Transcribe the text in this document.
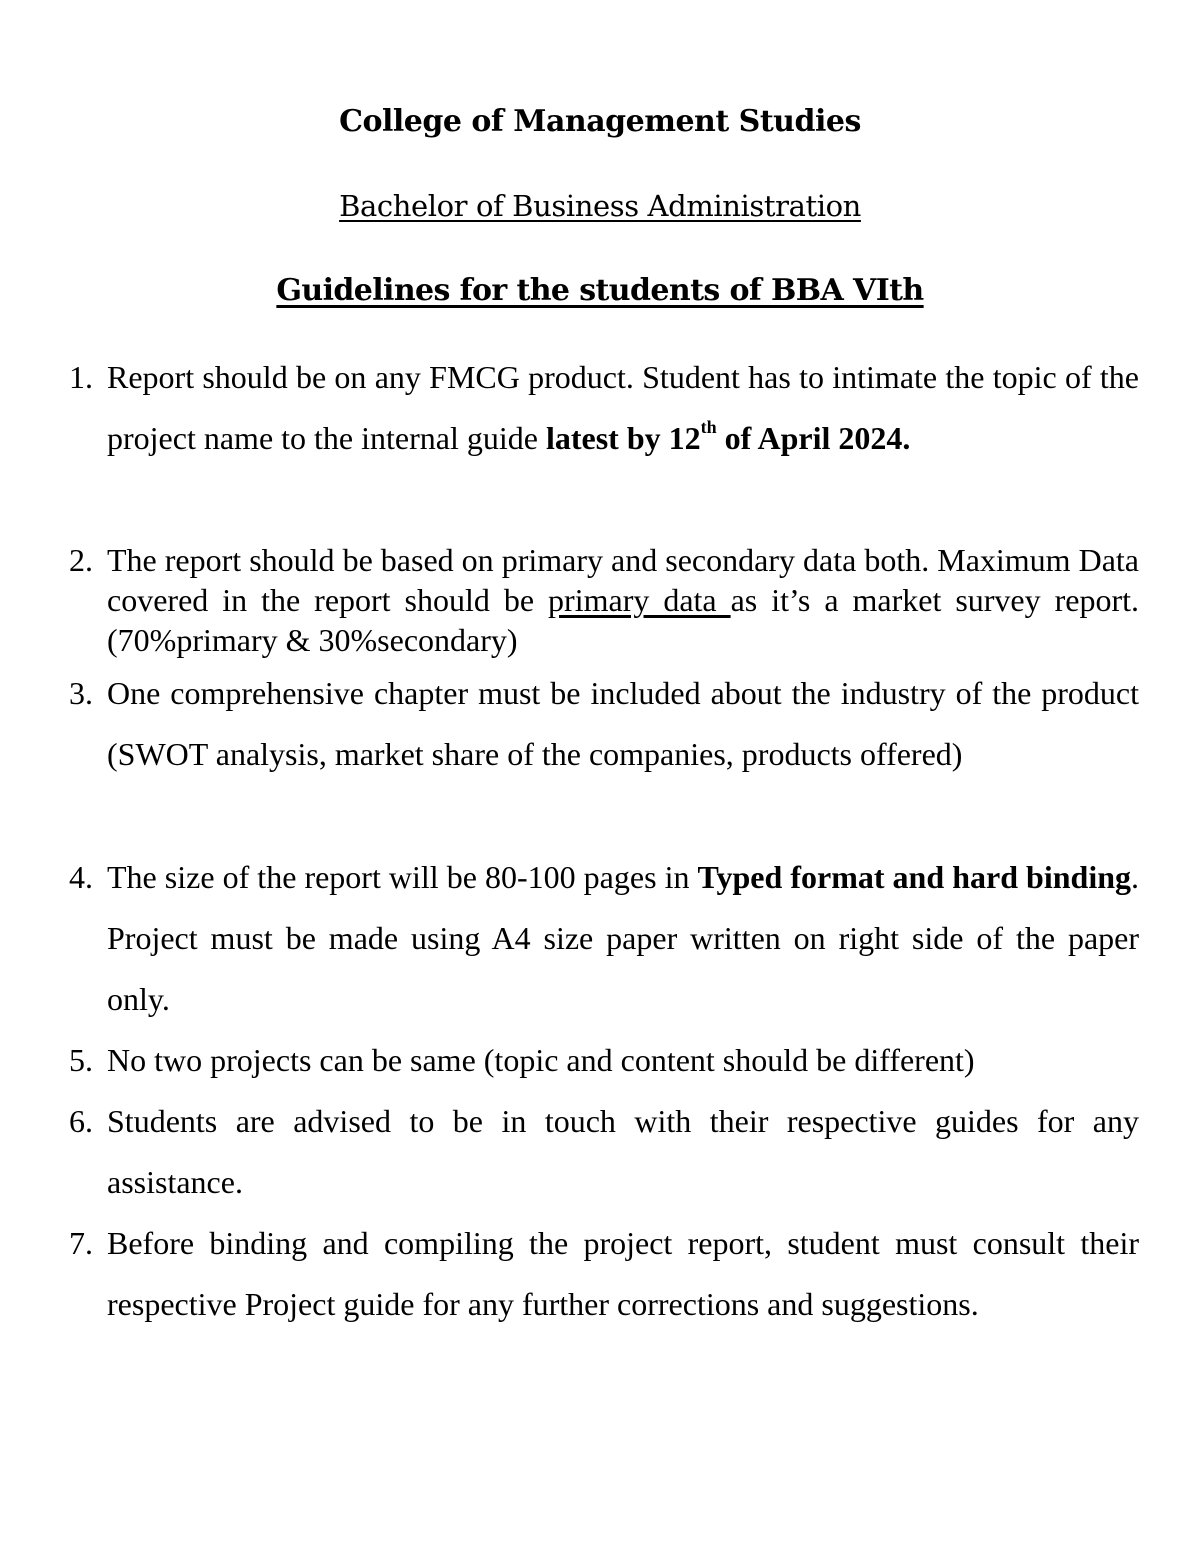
College of Management Studies
Bachelor of Business Administration
Guidelines for the students of BBA VIth
1. Report should be on any FMCG product. Student has to intimate the topic of the project name to the internal guide latest by 12th of April 2024.
2. The report should be based on primary and secondary data both. Maximum Data covered in the report should be primary data as it’s a market survey report. (70%primary & 30%secondary)
3. One comprehensive chapter must be included about the industry of the product (SWOT analysis, market share of the companies, products offered)
4. The size of the report will be 80-100 pages in Typed format and hard binding. Project must be made using A4 size paper written on right side of the paper only.
5. No two projects can be same (topic and content should be different)
6. Students are advised to be in touch with their respective guides for any assistance.
7. Before binding and compiling the project report, student must consult their respective Project guide for any further corrections and suggestions.
